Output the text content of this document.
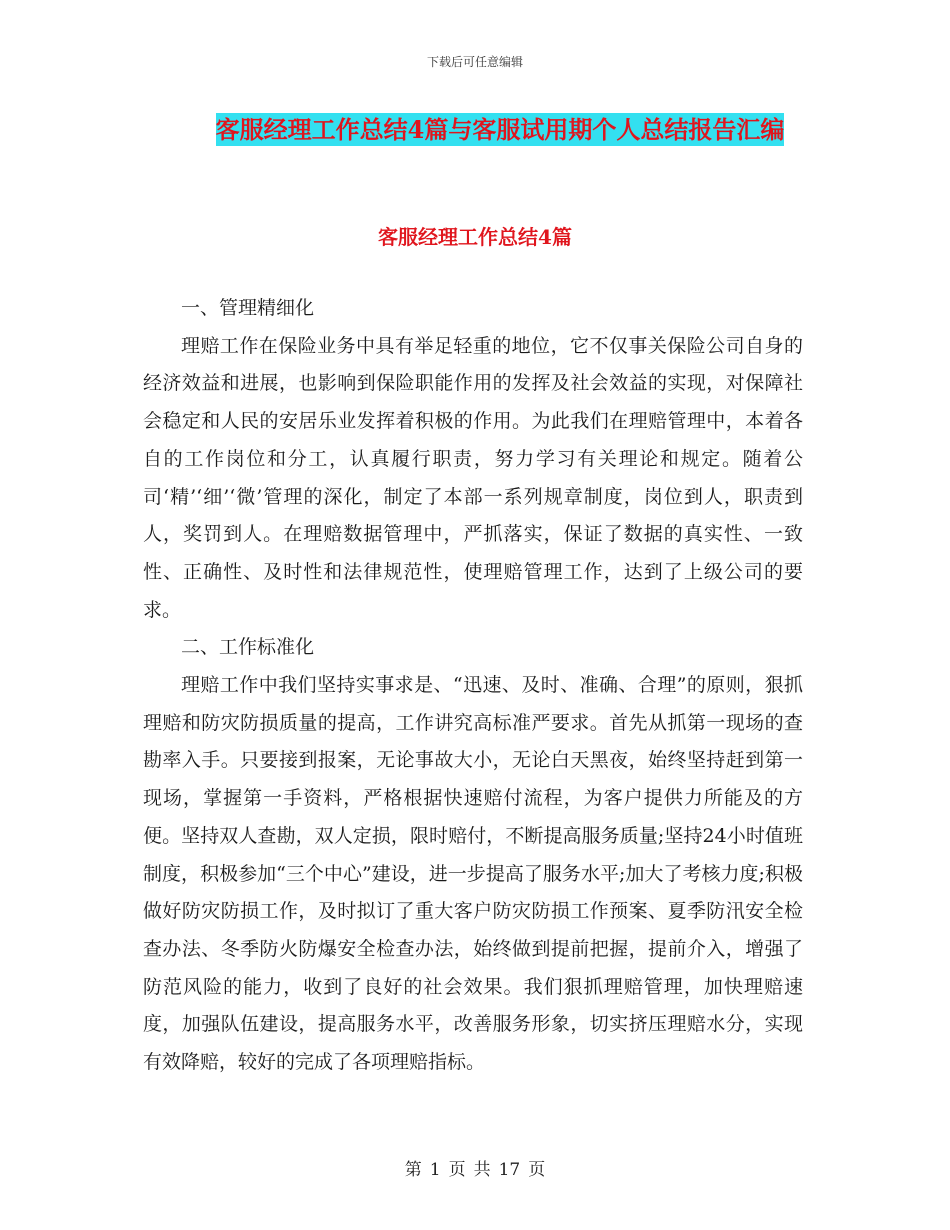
下载后可任意编辑
客服经理工作总结4篇与客服试用期个人总结报告汇编
客服经理工作总结4篇

一、管理精细化

理赔工作在保险业务中具有举足轻重的地位，它不仅事关保险公司自身的经济效益和进展，也影响到保险职能作用的发挥及社会效益的实现，对保障社会稳定和人民的安居乐业发挥着积极的作用。为此我们在理赔管理中，本着各自的工作岗位和分工，认真履行职责，努力学习有关理论和规定。随着公司‘精’‘细’‘微’管理的深化，制定了本部一系列规章制度，岗位到人，职责到人，奖罚到人。在理赔数据管理中，严抓落实，保证了数据的真实性、一致性、正确性、及时性和法律规范性，使理赔管理工作，达到了上级公司的要求。

二、工作标准化

理赔工作中我们坚持实事求是、“迅速、及时、准确、合理”的原则，狠抓理赔和防灾防损质量的提高，工作讲究高标准严要求。首先从抓第一现场的查勘率入手。只要接到报案，无论事故大小，无论白天黑夜，始终坚持赶到第一现场，掌握第一手资料，严格根据快速赔付流程，为客户提供力所能及的方便。坚持双人查勘，双人定损，限时赔付，不断提高服务质量;坚持24小时值班制度，积极参加“三个中心”建设，进一步提高了服务水平;加大了考核力度;积极做好防灾防损工作，及时拟订了重大客户防灾防损工作预案、夏季防汛安全检查办法、冬季防火防爆安全检查办法，始终做到提前把握，提前介入，增强了防范风险的能力，收到了良好的社会效果。我们狠抓理赔管理，加快理赔速度，加强队伍建设，提高服务水平，改善服务形象，切实挤压理赔水分，实现有效降赔，较好的完成了各项理赔指标。

第 1 页 共 17 页
